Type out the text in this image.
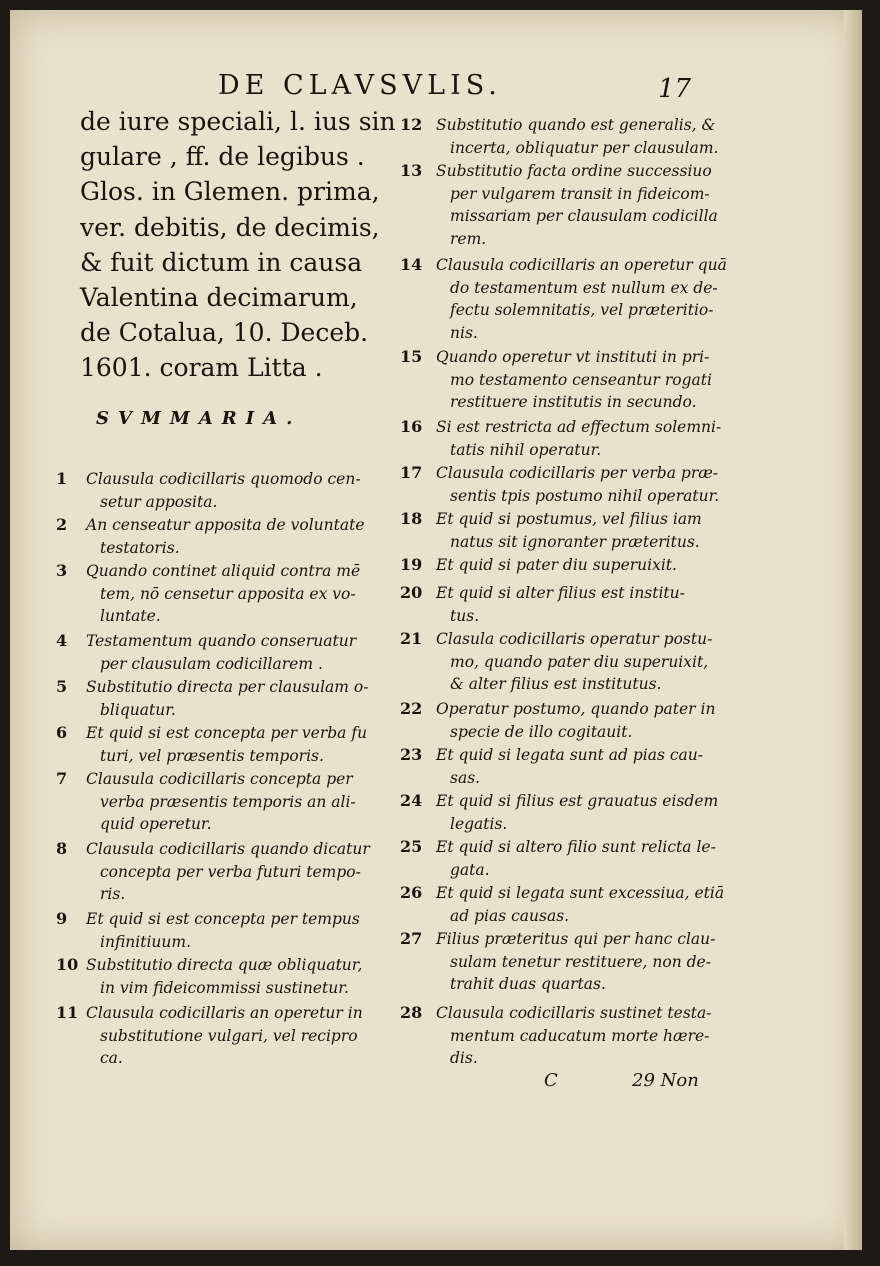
DE CLAVSVLIS.	17
de iure speciali, l. ius sin
gulare , ff. de legibus .
Glos. in Glemen. prima,
ver. debitis, de decimis,
& fuit dictum in causa
Valentina decimarum,
de Cotalua, 10. Deceb.
1601. coram Litta .
SVMMARIA.
1 Clausula codicillaris quomodo cen-
setur apposita.
2 An censeatur apposita de voluntate
testatoris.
3 Quando continet aliquid contra mē
tem, nō censetur apposita ex vo-
luntate.
4 Testamentum quando conseruatur
per clausulam codicillarem .
5 Substitutio directa per clausulam o-
bliquatur.
6 Et quid si est concepta per verba fu
turi, vel præsentis temporis.
7 Clausula codicillaris concepta per
verba præsentis temporis an ali-
quid operetur.
8 Clausula codicillaris quando dicatur
concepta per verba futuri tempo-
ris.
9 Et quid si est concepta per tempus
infinitiuum.
10 Substitutio directa quæ obliquatur,
in vim fideicommissi sustinetur.
11 Clausula codicillaris an operetur in
substitutione vulgari, vel recipro
ca.
12 Substitutio quando est generalis, &
incerta, obliquatur per clausulam.
13 Substitutio facta ordine successiuo
per vulgarem transit in fideicom-
missariam per clausulam codicilla
rem.
14 Clausula codicillaris an operetur quā
do testamentum est nullum ex de-
fectu solemnitatis, vel præteritio-
nis.
15 Quando operetur vt instituti in pri-
mo testamento censeantur rogati
restituere institutis in secundo.
16 Si est restricta ad effectum solemni-
tatis nihil operatur.
17 Clausula codicillaris per verba præ-
sentis tpis postumo nihil operatur.
18 Et quid si postumus, vel filius iam
natus sit ignoranter præteritus.
19 Et quid si pater diu superuixit.
20 Et quid si alter filius est institu-
tus.
21 Clasula codicillaris operatur postu-
mo, quando pater diu superuixit,
& alter filius est institutus.
22 Operatur postumo, quando pater in
specie de illo cogitauit.
23 Et quid si legata sunt ad pias cau-
sas.
24 Et quid si filius est grauatus eisdem
legatis.
25 Et quid si altero filio sunt relicta le-
gata.
26 Et quid si legata sunt excessiua, etiā
ad pias causas.
27 Filius præteritus qui per hanc clau-
sulam tenetur restituere, non de-
trahit duas quartas.
28 Clausula codicillaris sustinet testa-
mentum caducatum morte hære-
dis.
C	29 Non
